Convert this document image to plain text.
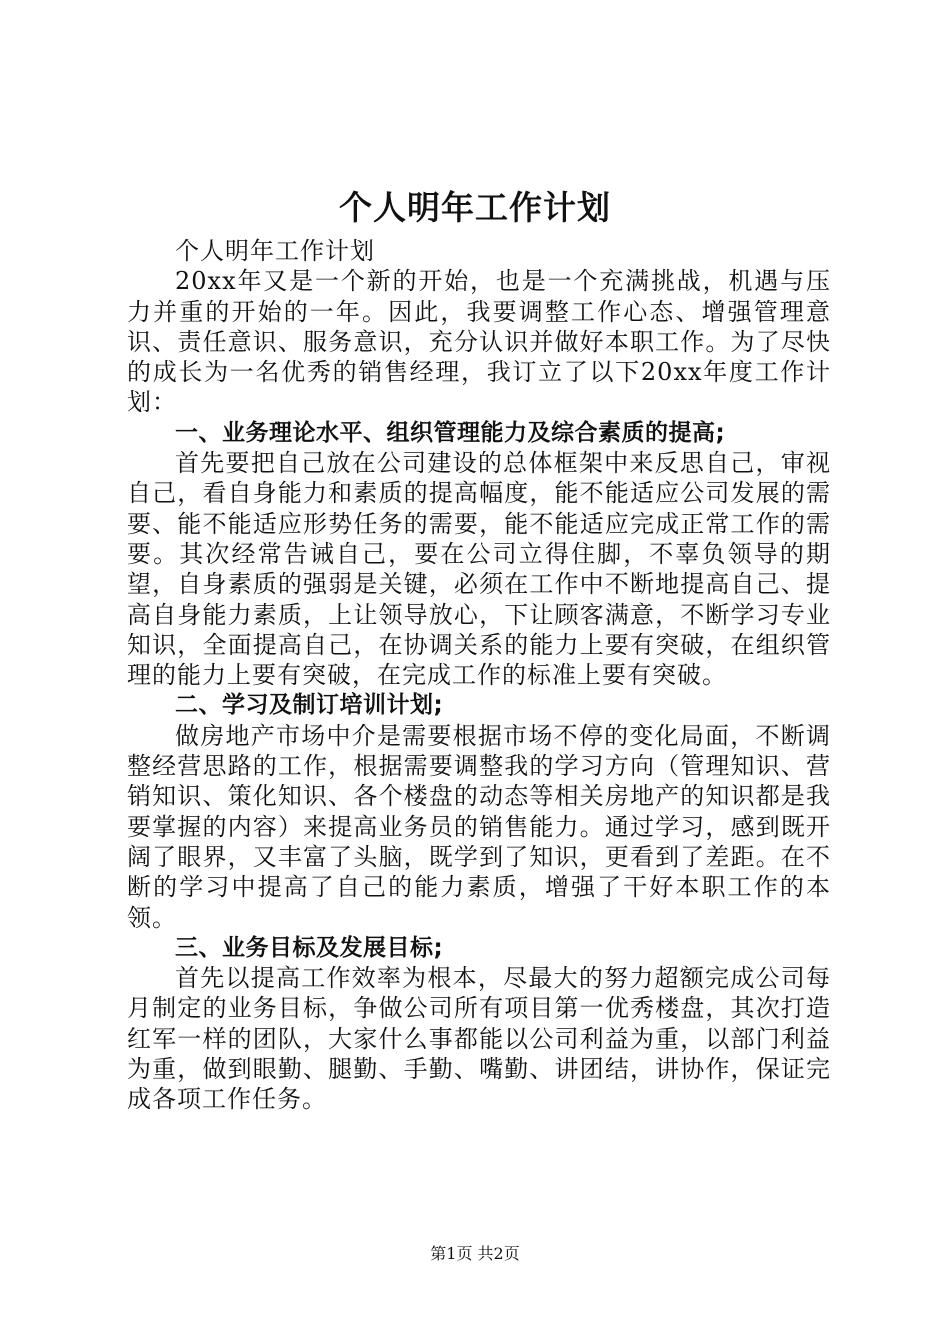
个人明年工作计划

个人明年工作计划

20xx年又是一个新的开始，也是一个充满挑战，机遇与压力并重的开始的一年。因此，我要调整工作心态、增强管理意识、责任意识、服务意识，充分认识并做好本职工作。为了尽快的成长为一名优秀的销售经理，我订立了以下20xx年度工作计划：

一、业务理论水平、组织管理能力及综合素质的提高;

首先要把自己放在公司建设的总体框架中来反思自己，审视自己，看自身能力和素质的提高幅度，能不能适应公司发展的需要、能不能适应形势任务的需要，能不能适应完成正常工作的需要。其次经常告诫自己，要在公司立得住脚，不辜负领导的期望，自身素质的强弱是关键，必须在工作中不断地提高自己、提高自身能力素质，上让领导放心，下让顾客满意，不断学习专业知识，全面提高自己，在协调关系的能力上要有突破，在组织管理的能力上要有突破，在完成工作的标准上要有突破。

二、学习及制订培训计划;

做房地产市场中介是需要根据市场不停的变化局面，不断调整经营思路的工作，根据需要调整我的学习方向（管理知识、营销知识、策化知识、各个楼盘的动态等相关房地产的知识都是我要掌握的内容）来提高业务员的销售能力。通过学习，感到既开阔了眼界，又丰富了头脑，既学到了知识，更看到了差距。在不断的学习中提高了自己的能力素质，增强了干好本职工作的本领。

三、业务目标及发展目标;

首先以提高工作效率为根本，尽最大的努力超额完成公司每月制定的业务目标，争做公司所有项目第一优秀楼盘，其次打造红军一样的团队，大家什么事都能以公司利益为重，以部门利益为重，做到眼勤、腿勤、手勤、嘴勤、讲团结，讲协作，保证完成各项工作任务。

第1页 共2页
